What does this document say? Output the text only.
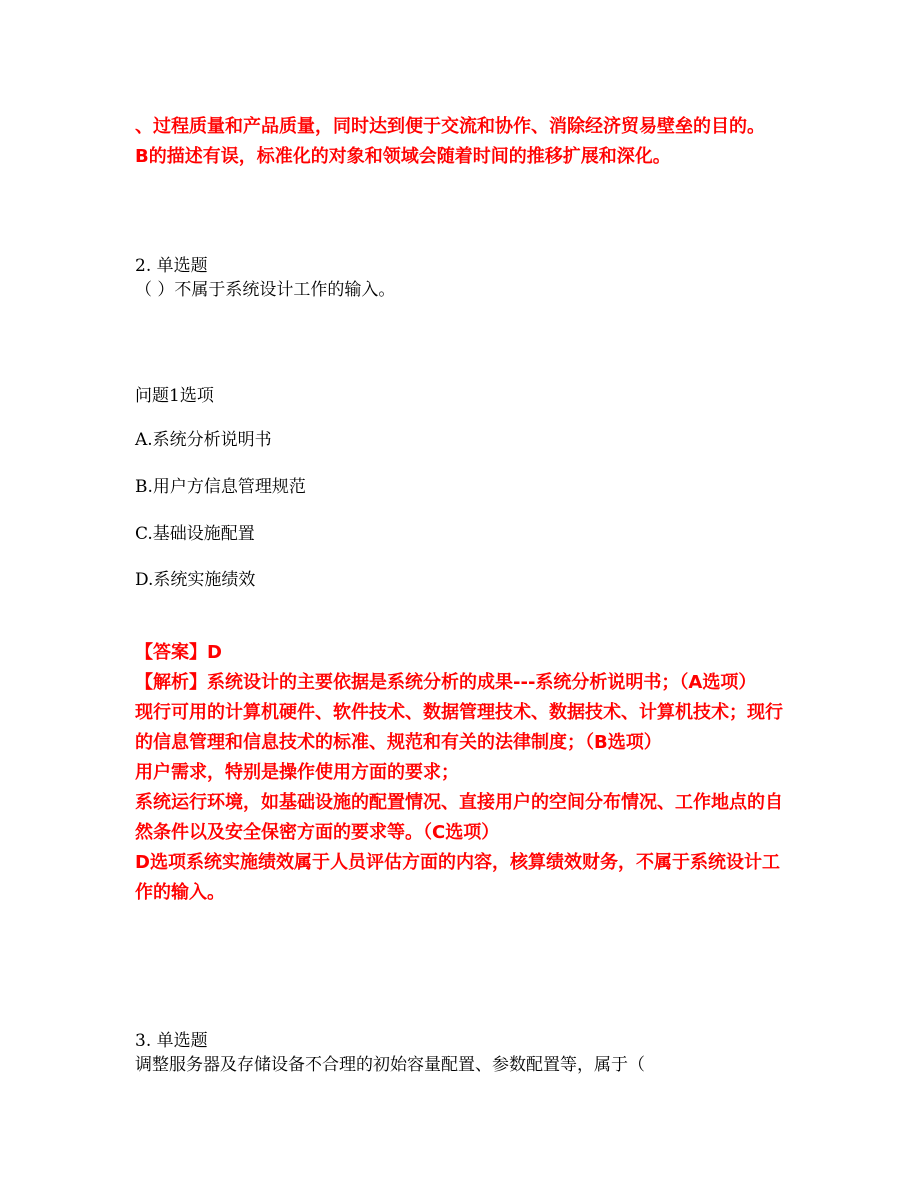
、过程质量和产品质量，同时达到便于交流和协作、消除经济贸易壁垒的目的。

B的描述有误，标准化的对象和领域会随着时间的推移扩展和深化。

2. 单选题

（ ）不属于系统设计工作的输入。

问题1选项

A.系统分析说明书

B.用户方信息管理规范

C.基础设施配置

D.系统实施绩效

【答案】D

【解析】系统设计的主要依据是系统分析的成果---系统分析说明书；（A选项）

现行可用的计算机硬件、软件技术、数据管理技术、数据技术、计算机技术；现行

的信息管理和信息技术的标准、规范和有关的法律制度；（B选项）

用户需求，特别是操作使用方面的要求；

系统运行环境，如基础设施的配置情况、直接用户的空间分布情况、工作地点的自

然条件以及安全保密方面的要求等。（C选项）

D选项系统实施绩效属于人员评估方面的内容，核算绩效财务，不属于系统设计工

作的输入。

3. 单选题

调整服务器及存储设备不合理的初始容量配置、参数配置等，属于（
